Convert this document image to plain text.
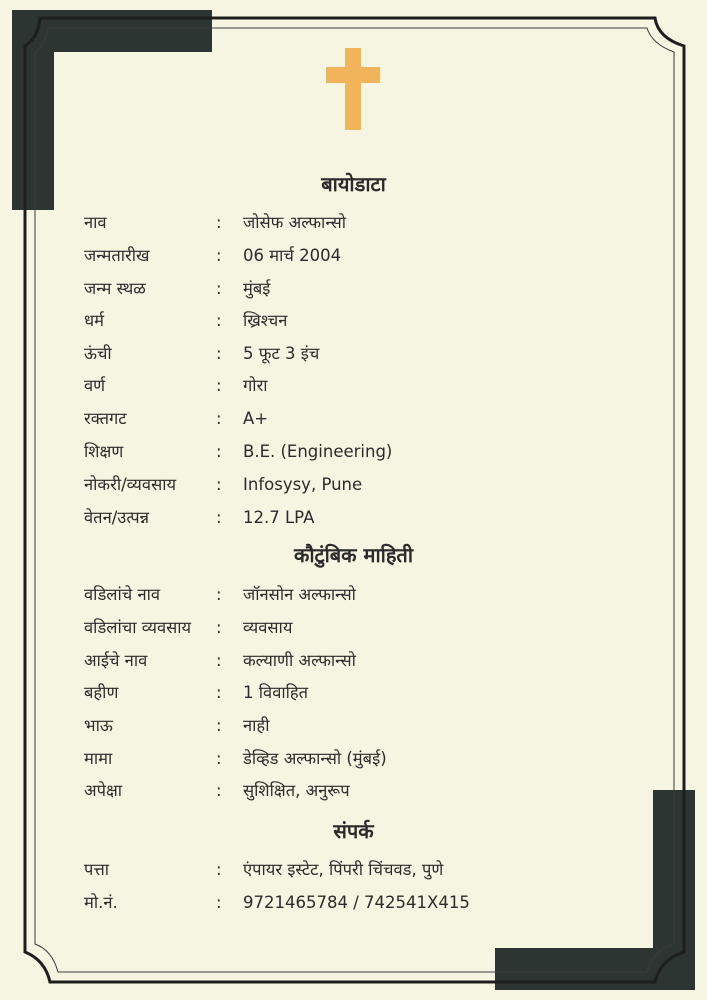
बायोडाटा
नाव	: जोसेफ अल्फान्सो
जन्मतारीख	: 06 मार्च 2004
जन्म स्थळ	: मुंबई
धर्म	: ख्रिश्चन
ऊंची	: 5 फूट 3 इंच
वर्ण	: गोरा
रक्तगट	: A+
शिक्षण	: B.E. (Engineering)
नोकरी/व्यवसाय	: Infosysy, Pune
वेतन/उत्पन्न	: 12.7 LPA
कौटुंबिक माहिती
वडिलांचे नाव	: जॉनसोन अल्फान्सो
वडिलांचा व्यवसाय	: व्यवसाय
आईचे नाव	: कल्याणी अल्फान्सो
बहीण	: 1 विवाहित
भाऊ	: नाही
मामा	: डेव्हिड अल्फान्सो (मुंबई)
अपेक्षा	: सुशिक्षित, अनुरूप
संपर्क
पत्ता	: एंपायर इस्टेट, पिंपरी चिंचवड, पुणे
मो.नं.	: 9721465784 / 742541X415
